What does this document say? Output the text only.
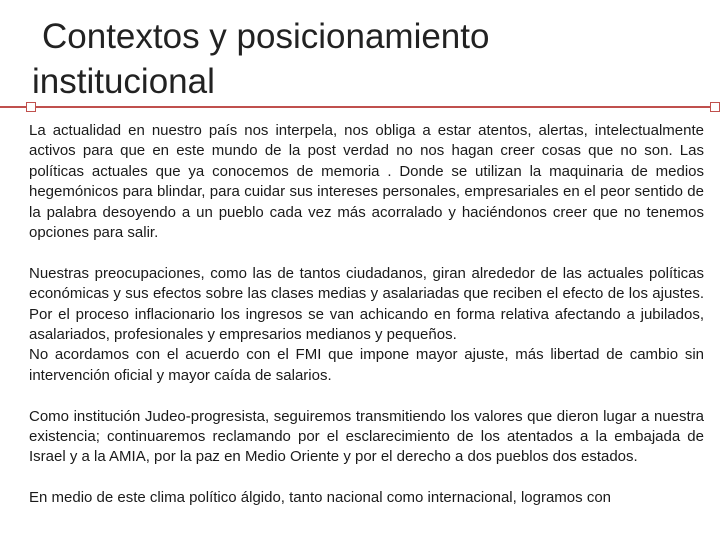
Contextos y posicionamiento institucional

La actualidad en nuestro país nos interpela, nos obliga a estar atentos, alertas, intelectualmente activos para que en este mundo de la post verdad no nos hagan creer cosas que no son. Las políticas actuales que ya conocemos de memoria . Donde se utilizan la maquinaria de medios hegemónicos para blindar, para cuidar sus intereses personales, empresariales en el peor sentido de la palabra desoyendo a un pueblo cada vez más acorralado y haciéndonos creer que no tenemos opciones para salir.

Nuestras preocupaciones, como las de tantos ciudadanos, giran alrededor de las actuales políticas económicas y sus efectos sobre las clases medias y asalariadas que reciben el efecto de los ajustes. Por el proceso inflacionario los ingresos se van achicando en forma relativa afectando a jubilados, asalariados, profesionales y empresarios medianos y pequeños.

No acordamos con el acuerdo con el FMI que impone mayor ajuste, más libertad de cambio sin intervención oficial y mayor caída de salarios.

Como institución Judeo-progresista, seguiremos transmitiendo los valores que dieron lugar a nuestra existencia; continuaremos reclamando por el esclarecimiento de los atentados a la embajada de Israel y a la AMIA, por la paz en Medio Oriente y por el derecho a dos pueblos dos estados.

En medio de este clima político álgido, tanto nacional como internacional, logramos con
